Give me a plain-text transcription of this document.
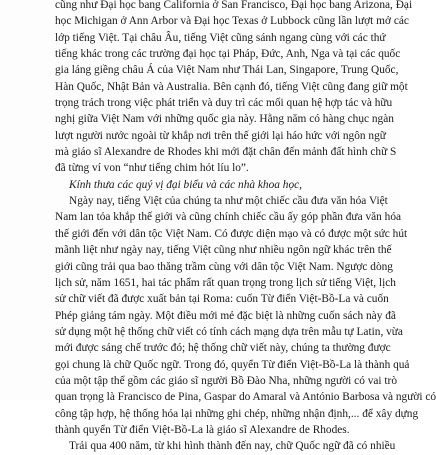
cũng như Đại học bang California ở San Francisco, Đại học bang Arizona, Đại
học Michigan ở Ann Arbor và Đại học Texas ở Lubbock cũng lần lượt mở các
lớp tiếng Việt. Tại châu Âu, tiếng Việt cũng sánh ngang cùng với các thứ
tiếng khác trong các trường đại học tại Pháp, Đức, Anh, Nga và tại các quốc
gia láng giềng châu Á của Việt Nam như Thái Lan, Singapore, Trung Quốc,
Hàn Quốc, Nhật Bản và Australia. Bên cạnh đó, tiếng Việt cũng đang giữ một
trọng trách trong việc phát triển và duy trì các mối quan hệ hợp tác và hữu
nghị giữa Việt Nam với những quốc gia này. Hằng năm có hàng chục ngàn
lượt người nước ngoài từ khắp nơi trên thế giới lại háo hức với ngôn ngữ
mà giáo sĩ Alexandre de Rhodes khi mới đặt chân đến mảnh đất hình chữ S
đã từng ví von “như tiếng chim hót líu lo”.
Kính thưa các quý vị đại biểu và các nhà khoa học,
Ngày nay, tiếng Việt của chúng ta như một chiếc cầu đưa văn hóa Việt
Nam lan tỏa khắp thế giới và cũng chính chiếc cầu ấy góp phần đưa văn hóa
thế giới đến với dân tộc Việt Nam. Có được diện mạo và có được một sức hút
mãnh liệt như ngày nay, tiếng Việt cũng như nhiều ngôn ngữ khác trên thế
giới cũng trải qua bao thăng trầm cùng với dân tộc Việt Nam. Ngược dòng
lịch sử, năm 1651, hai tác phẩm rất quan trọng trong lịch sử tiếng Việt, lịch
sử chữ viết đã được xuất bản tại Roma: cuốn Từ điển Việt-Bồ-La và cuốn
Phép giảng tám ngày. Một điều mới mẻ đặc biệt là những cuốn sách này đã
sử dụng một hệ thống chữ viết có tính cách mạng dựa trên mẫu tự Latin, vừa
mới được sáng chế trước đó; hệ thống chữ viết này, chúng ta thường được
gọi chung là chữ Quốc ngữ. Trong đó, quyển Từ điển Việt-Bồ-La là thành quả
của một tập thể gồm các giáo sĩ người Bồ Đào Nha, những người có vai trò
quan trọng là Francisco de Pina, Gaspar do Amaral và António Barbosa và người có
công tập hợp, hệ thống hóa lại những ghi chép, những nhận định,... để xây dựng
thành quyển Từ điển Việt-Bồ-La là giáo sĩ Alexandre de Rhodes.
Trải qua 400 năm, từ khi hình thành đến nay, chữ Quốc ngữ đã có nhiều
